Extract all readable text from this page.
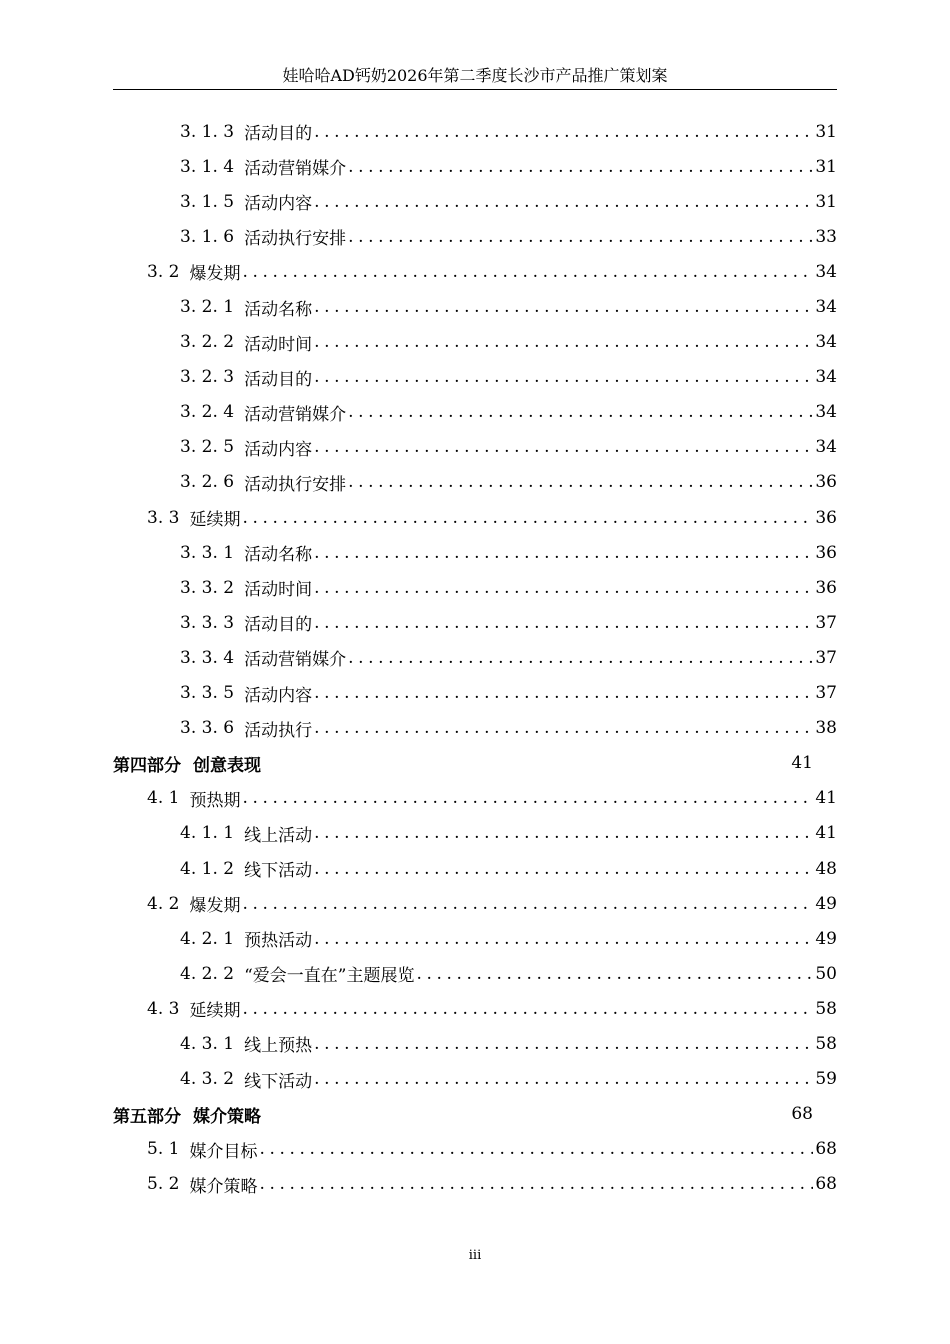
娃哈哈AD钙奶2026年第二季度长沙市产品推广策划案
3. 1. 3 活动目的 .....	31
3. 1. 4 活动营销媒介 .....	31
3. 1. 5 活动内容 .....	31
3. 1. 6 活动执行安排 .....	33
3. 2 爆发期 .....	34
3. 2. 1 活动名称 .....	34
3. 2. 2 活动时间 .....	34
3. 2. 3 活动目的 .....	34
3. 2. 4 活动营销媒介 .....	34
3. 2. 5 活动内容 .....	34
3. 2. 6 活动执行安排 .....	36
3. 3 延续期 .....	36
3. 3. 1 活动名称 .....	36
3. 3. 2 活动时间 .....	36
3. 3. 3 活动目的 .....	37
3. 3. 4 活动营销媒介 .....	37
3. 3. 5 活动内容 .....	37
3. 3. 6 活动执行 .....	38
第四部分 创意表现	41
4. 1 预热期 .....	41
4. 1. 1 线上活动 .....	41
4. 1. 2 线下活动 .....	48
4. 2 爆发期 .....	49
4. 2. 1 预热活动 .....	49
4. 2. 2 “爱会一直在”主题展览 .....	50
4. 3 延续期 .....	58
4. 3. 1 线上预热 .....	58
4. 3. 2 线下活动 .....	59
第五部分 媒介策略	68
5. 1 媒介目标 .....	68
5. 2 媒介策略 .....	68
iii
